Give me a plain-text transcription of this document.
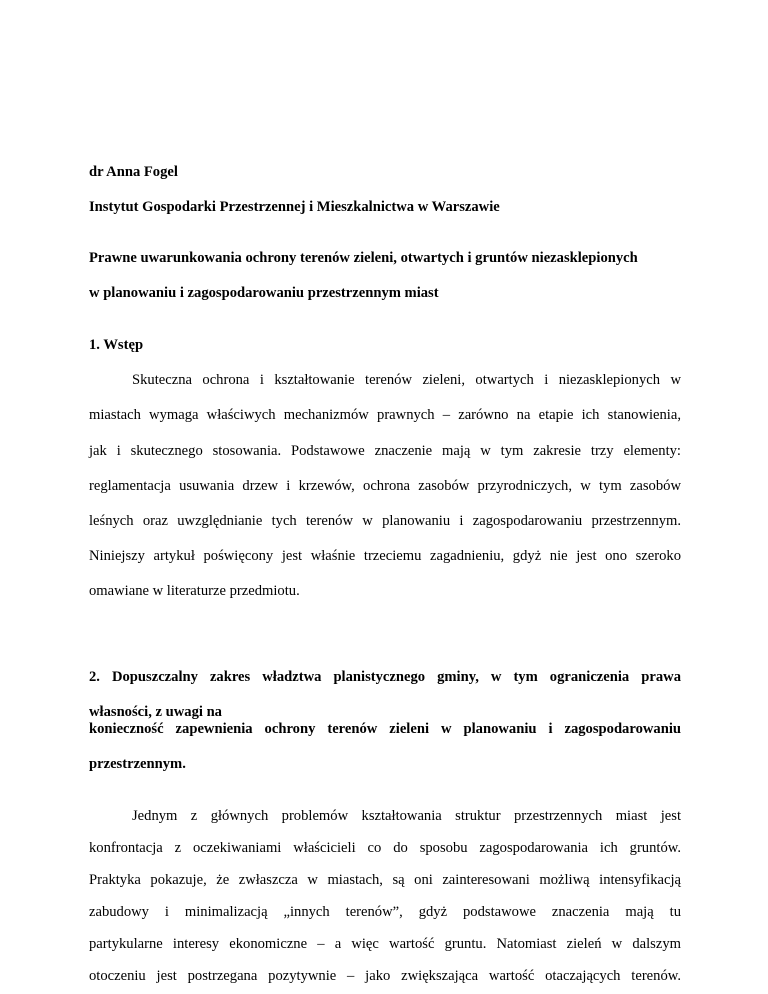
dr Anna Fogel

Instytut Gospodarki Przestrzennej i Mieszkalnictwa w Warszawie

Prawne uwarunkowania ochrony terenów zieleni, otwartych i gruntów niezasklepionych

w planowaniu i zagospodarowaniu przestrzennym miast

1. Wstęp

Skuteczna ochrona i kształtowanie terenów zieleni, otwartych i niezasklepionych w

miastach wymaga właściwych mechanizmów prawnych – zarówno na etapie ich stanowienia,

jak i skutecznego stosowania. Podstawowe znaczenie mają w tym zakresie trzy elementy:

reglamentacja usuwania drzew i krzewów, ochrona zasobów przyrodniczych, w tym zasobów

leśnych oraz uwzględnianie tych terenów w planowaniu i zagospodarowaniu przestrzennym.

Niniejszy artykuł poświęcony jest właśnie trzeciemu zagadnieniu, gdyż nie jest ono szeroko

omawiane w literaturze przedmiotu.

2. Dopuszczalny zakres władztwa planistycznego gminy, w tym ograniczenia prawa

własności, z uwagi na

konieczność zapewnienia ochrony terenów zieleni w planowaniu i zagospodarowaniu

przestrzennym.

Jednym z głównych problemów kształtowania struktur przestrzennych miast jest

konfrontacja z oczekiwaniami właścicieli co do sposobu zagospodarowania ich gruntów.

Praktyka pokazuje, że zwłaszcza w miastach, są oni zainteresowani możliwą intensyfikacją

zabudowy i minimalizacją „innych terenów”, gdyż podstawowe znaczenia mają tu

partykularne interesy ekonomiczne – a więc wartość gruntu. Natomiast zieleń w dalszym

otoczeniu jest postrzegana pozytywnie – jako zwiększająca wartość otaczających terenów.
